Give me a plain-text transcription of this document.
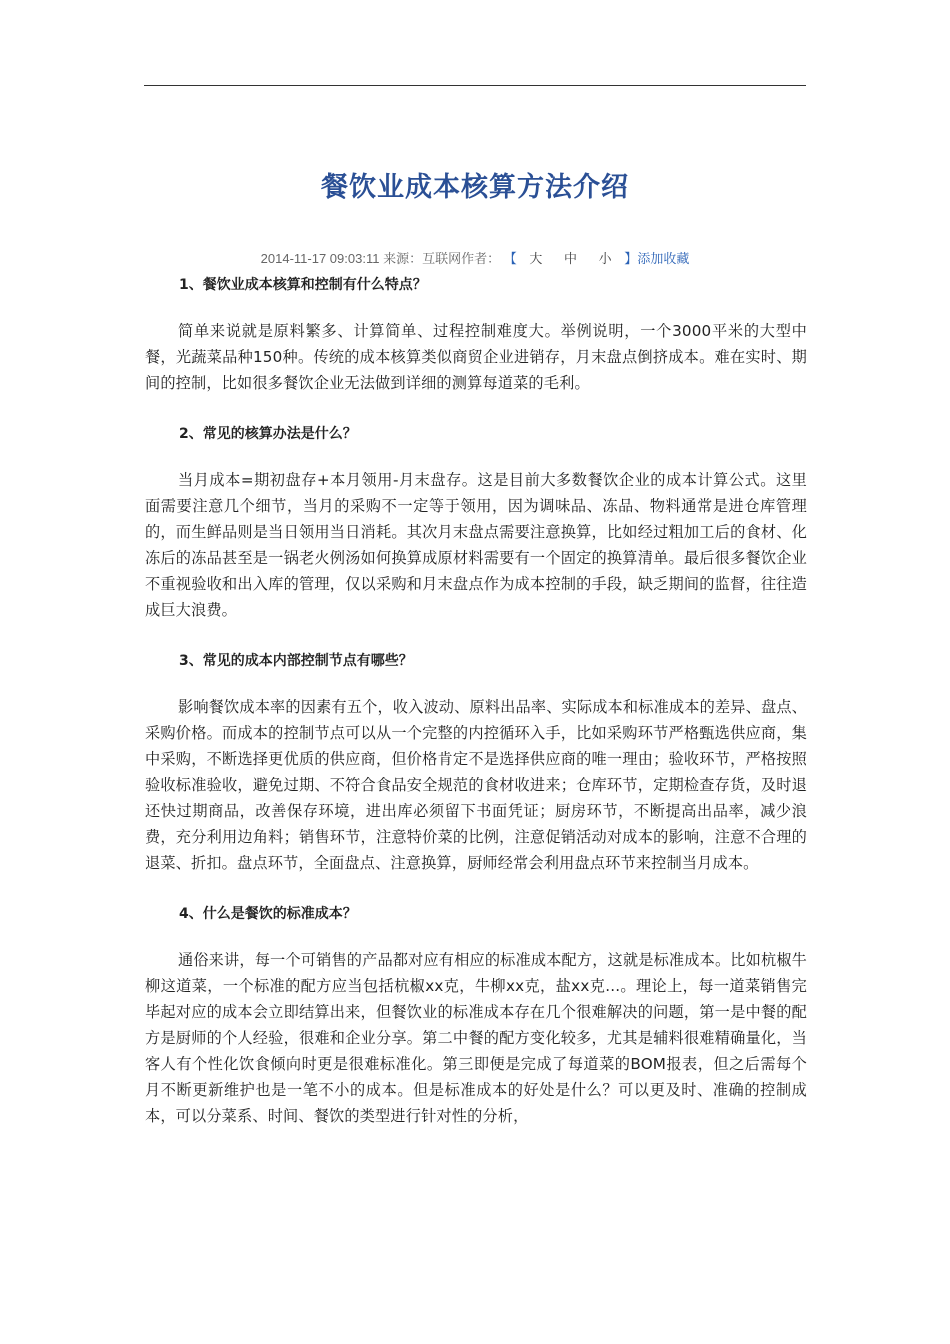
餐饮业成本核算方法介绍
2014-11-17 09:03:11 来源：互联网作者： 【 大 中 小 】添加收藏

1、餐饮业成本核算和控制有什么特点？

简单来说就是原料繁多、计算简单、过程控制难度大。举例说明，一个3000平米的大型中餐，光蔬菜品种150种。传统的成本核算类似商贸企业进销存，月末盘点倒挤成本。难在实时、期间的控制，比如很多餐饮企业无法做到详细的测算每道菜的毛利。

2、常见的核算办法是什么？

当月成本=期初盘存+本月领用-月末盘存。这是目前大多数餐饮企业的成本计算公式。这里面需要注意几个细节，当月的采购不一定等于领用，因为调味品、冻品、物料通常是进仓库管理的，而生鲜品则是当日领用当日消耗。其次月末盘点需要注意换算，比如经过粗加工后的食材、化冻后的冻品甚至是一锅老火例汤如何换算成原材料需要有一个固定的换算清单。最后很多餐饮企业不重视验收和出入库的管理，仅以采购和月末盘点作为成本控制的手段，缺乏期间的监督，往往造成巨大浪费。

3、常见的成本内部控制节点有哪些？

影响餐饮成本率的因素有五个，收入波动、原料出品率、实际成本和标准成本的差异、盘点、采购价格。而成本的控制节点可以从一个完整的内控循环入手，比如采购环节严格甄选供应商，集中采购，不断选择更优质的供应商，但价格肯定不是选择供应商的唯一理由；验收环节，严格按照验收标准验收，避免过期、不符合食品安全规范的食材收进来；仓库环节，定期检查存货，及时退还快过期商品，改善保存环境，进出库必须留下书面凭证；厨房环节，不断提高出品率，减少浪费，充分利用边角料；销售环节，注意特价菜的比例，注意促销活动对成本的影响，注意不合理的退菜、折扣。盘点环节，全面盘点、注意换算，厨师经常会利用盘点环节来控制当月成本。

4、什么是餐饮的标准成本？

通俗来讲，每一个可销售的产品都对应有相应的标准成本配方，这就是标准成本。比如杭椒牛柳这道菜，一个标准的配方应当包括杭椒xx克，牛柳xx克，盐xx克...。理论上，每一道菜销售完毕起对应的成本会立即结算出来，但餐饮业的标准成本存在几个很难解决的问题，第一是中餐的配方是厨师的个人经验，很难和企业分享。第二中餐的配方变化较多，尤其是辅料很难精确量化，当客人有个性化饮食倾向时更是很难标准化。第三即便是完成了每道菜的BOM报表，但之后需每个月不断更新维护也是一笔不小的成本。但是标准成本的好处是什么？可以更及时、准确的控制成本，可以分菜系、时间、餐饮的类型进行针对性的分析，
